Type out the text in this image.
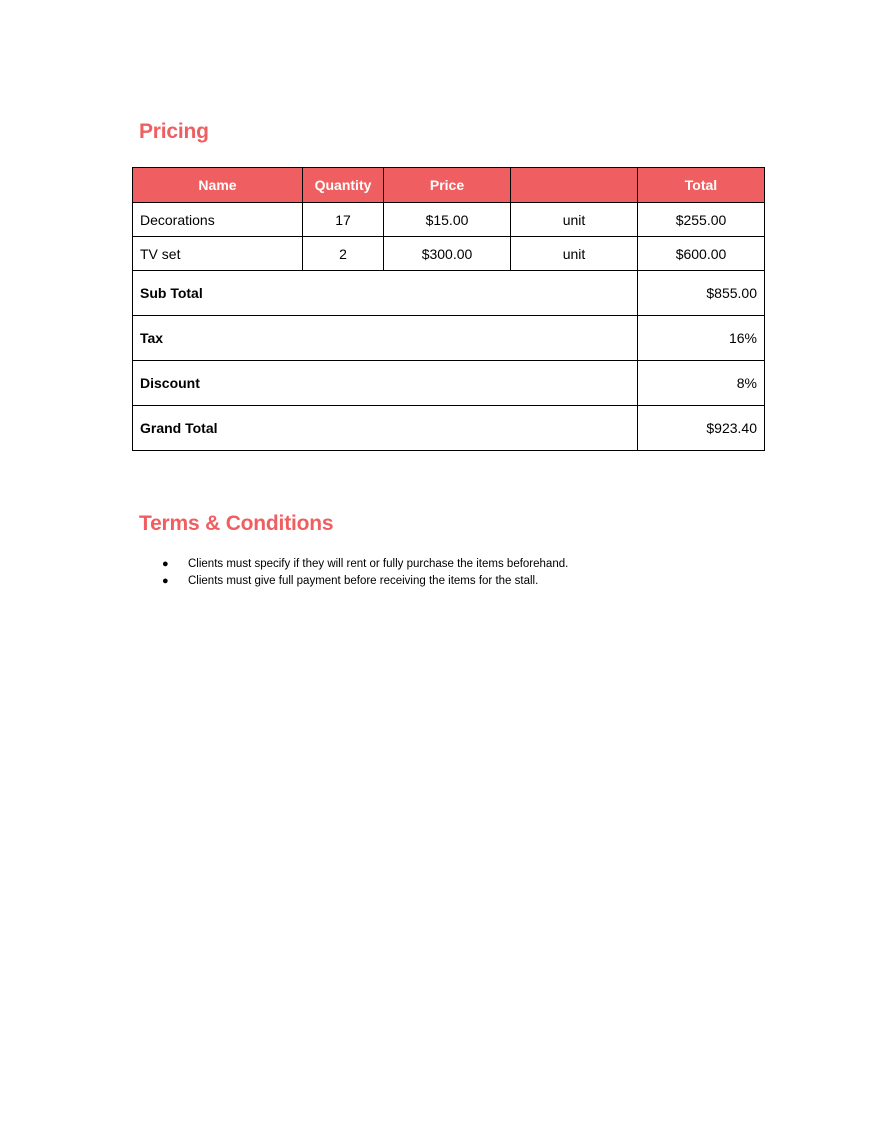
Pricing
Name	Quantity	Price		Total
Decorations	17	$15.00	unit	$255.00
TV set	2	$300.00	unit	$600.00
Sub Total				$855.00
Tax				16%
Discount				8%
Grand Total				$923.40
Terms & Conditions
● Clients must specify if they will rent or fully purchase the items beforehand.
● Clients must give full payment before receiving the items for the stall.
